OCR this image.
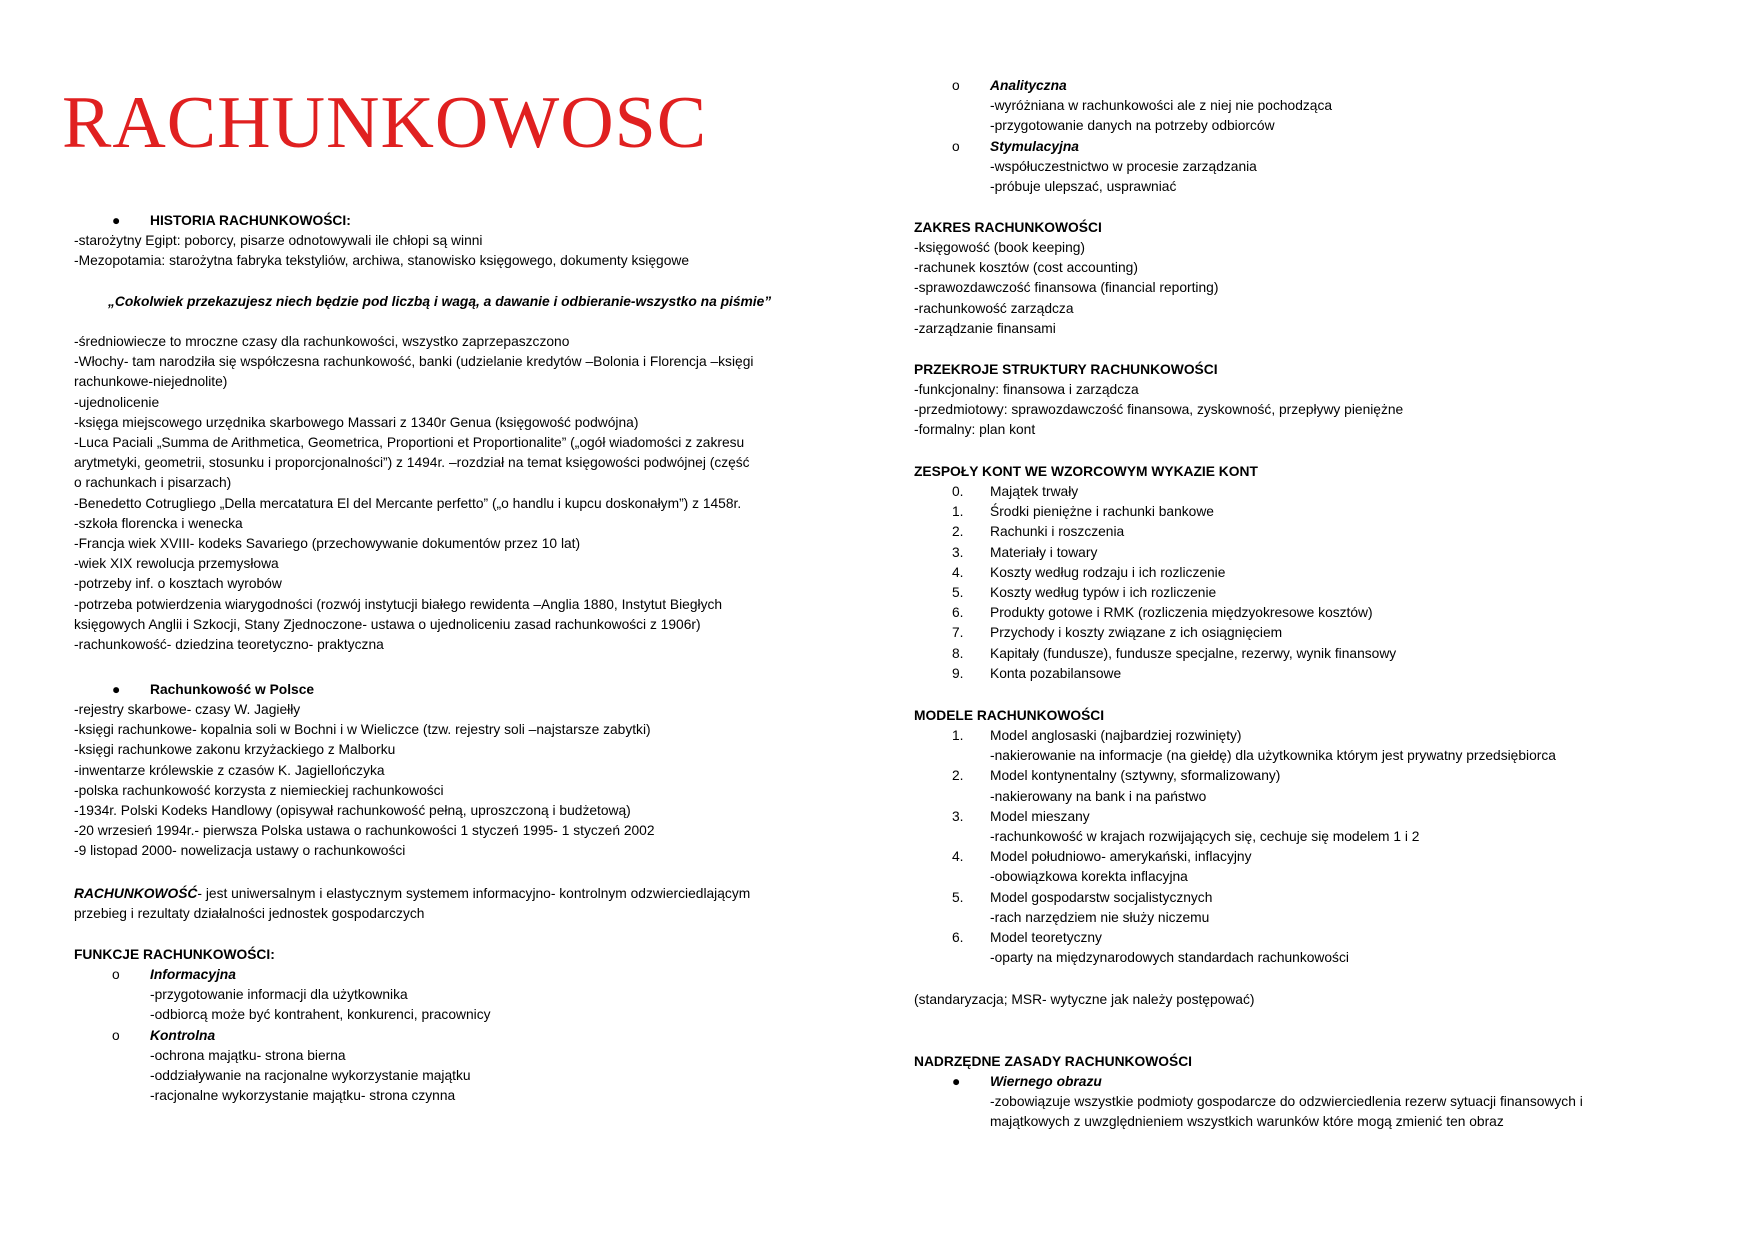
RACHUNKOWOSC
● HISTORIA RACHUNKOWOŚCI:
-starożytny Egipt: poborcy, pisarze odnotowywali ile chłopi są winni
-Mezopotamia: starożytna fabryka tekstyliów, archiwa, stanowisko księgowego, dokumenty księgowe
„Cokolwiek przekazujesz niech będzie pod liczbą i wagą, a dawanie i odbieranie-wszystko na piśmie”
-średniowiecze to mroczne czasy dla rachunkowości, wszystko zaprzepaszczono
-Włochy- tam narodziła się współczesna rachunkowość, banki (udzielanie kredytów –Bolonia i Florencja –księgi
rachunkowe-niejednolite)
-ujednolicenie
-księga miejscowego urzędnika skarbowego Massari z 1340r Genua (księgowość podwójna)
-Luca Paciali „Summa de Arithmetica, Geometrica, Proportioni et Proportionalite” („ogół wiadomości z zakresu
arytmetyki, geometrii, stosunku i proporcjonalności”) z 1494r. –rozdział na temat księgowości podwójnej (część
o rachunkach i pisarzach)
-Benedetto Cotrugliego „Della mercatatura El del Mercante perfetto” („o handlu i kupcu doskonałym”) z 1458r.
-szkoła florencka i wenecka
-Francja wiek XVIII- kodeks Savariego (przechowywanie dokumentów przez 10 lat)
-wiek XIX rewolucja przemysłowa
-potrzeby inf. o kosztach wyrobów
-potrzeba potwierdzenia wiarygodności (rozwój instytucji białego rewidenta –Anglia 1880, Instytut Biegłych
księgowych Anglii i Szkocji, Stany Zjednoczone- ustawa o ujednoliceniu zasad rachunkowości z 1906r)
-rachunkowość- dziedzina teoretyczno- praktyczna
● Rachunkowość w Polsce
-rejestry skarbowe- czasy W. Jagiełły
-księgi rachunkowe- kopalnia soli w Bochni i w Wieliczce (tzw. rejestry soli –najstarsze zabytki)
-księgi rachunkowe zakonu krzyżackiego z Malborku
-inwentarze królewskie z czasów K. Jagiellończyka
-polska rachunkowość korzysta z niemieckiej rachunkowości
-1934r. Polski Kodeks Handlowy (opisywał rachunkowość pełną, uproszczoną i budżetową)
-20 wrzesień 1994r.- pierwsza Polska ustawa o rachunkowości 1 styczeń 1995- 1 styczeń 2002
-9 listopad 2000- nowelizacja ustawy o rachunkowości
RACHUNKOWOŚĆ- jest uniwersalnym i elastycznym systemem informacyjno- kontrolnym odzwierciedlającym
przebieg i rezultaty działalności jednostek gospodarczych
FUNKCJE RACHUNKOWOŚCI:
o Informacyjna
-przygotowanie informacji dla użytkownika
-odbiorcą może być kontrahent, konkurenci, pracownicy
o Kontrolna
-ochrona majątku- strona bierna
-oddziaływanie na racjonalne wykorzystanie majątku
-racjonalne wykorzystanie majątku- strona czynna
o Analityczna
-wyróżniana w rachunkowości ale z niej nie pochodząca
-przygotowanie danych na potrzeby odbiorców
o Stymulacyjna
-współuczestnictwo w procesie zarządzania
-próbuje ulepszać, usprawniać
ZAKRES RACHUNKOWOŚCI
-księgowość (book keeping)
-rachunek kosztów (cost accounting)
-sprawozdawczość finansowa (financial reporting)
-rachunkowość zarządcza
-zarządzanie finansami
PRZEKROJE STRUKTURY RACHUNKOWOŚCI
-funkcjonalny: finansowa i zarządcza
-przedmiotowy: sprawozdawczość finansowa, zyskowność, przepływy pieniężne
-formalny: plan kont
ZESPOŁY KONT WE WZORCOWYM WYKAZIE KONT
0. Majątek trwały
1. Środki pieniężne i rachunki bankowe
2. Rachunki i roszczenia
3. Materiały i towary
4. Koszty według rodzaju i ich rozliczenie
5. Koszty według typów i ich rozliczenie
6. Produkty gotowe i RMK (rozliczenia międzyokresowe kosztów)
7. Przychody i koszty związane z ich osiągnięciem
8. Kapitały (fundusze), fundusze specjalne, rezerwy, wynik finansowy
9. Konta pozabilansowe
MODELE RACHUNKOWOŚCI
1. Model anglosaski (najbardziej rozwinięty)
-nakierowanie na informacje (na giełdę) dla użytkownika którym jest prywatny przedsiębiorca
2. Model kontynentalny (sztywny, sformalizowany)
-nakierowany na bank i na państwo
3. Model mieszany
-rachunkowość w krajach rozwijających się, cechuje się modelem 1 i 2
4. Model południowo- amerykański, inflacyjny
-obowiązkowa korekta inflacyjna
5. Model gospodarstw socjalistycznych
-rach narzędziem nie służy niczemu
6. Model teoretyczny
-oparty na międzynarodowych standardach rachunkowości
(standaryzacja; MSR- wytyczne jak należy postępować)
NADRZĘDNE ZASADY RACHUNKOWOŚCI
● Wiernego obrazu
-zobowiązuje wszystkie podmioty gospodarcze do odzwierciedlenia rezerw sytuacji finansowych i
majątkowych z uwzględnieniem wszystkich warunków które mogą zmienić ten obraz
